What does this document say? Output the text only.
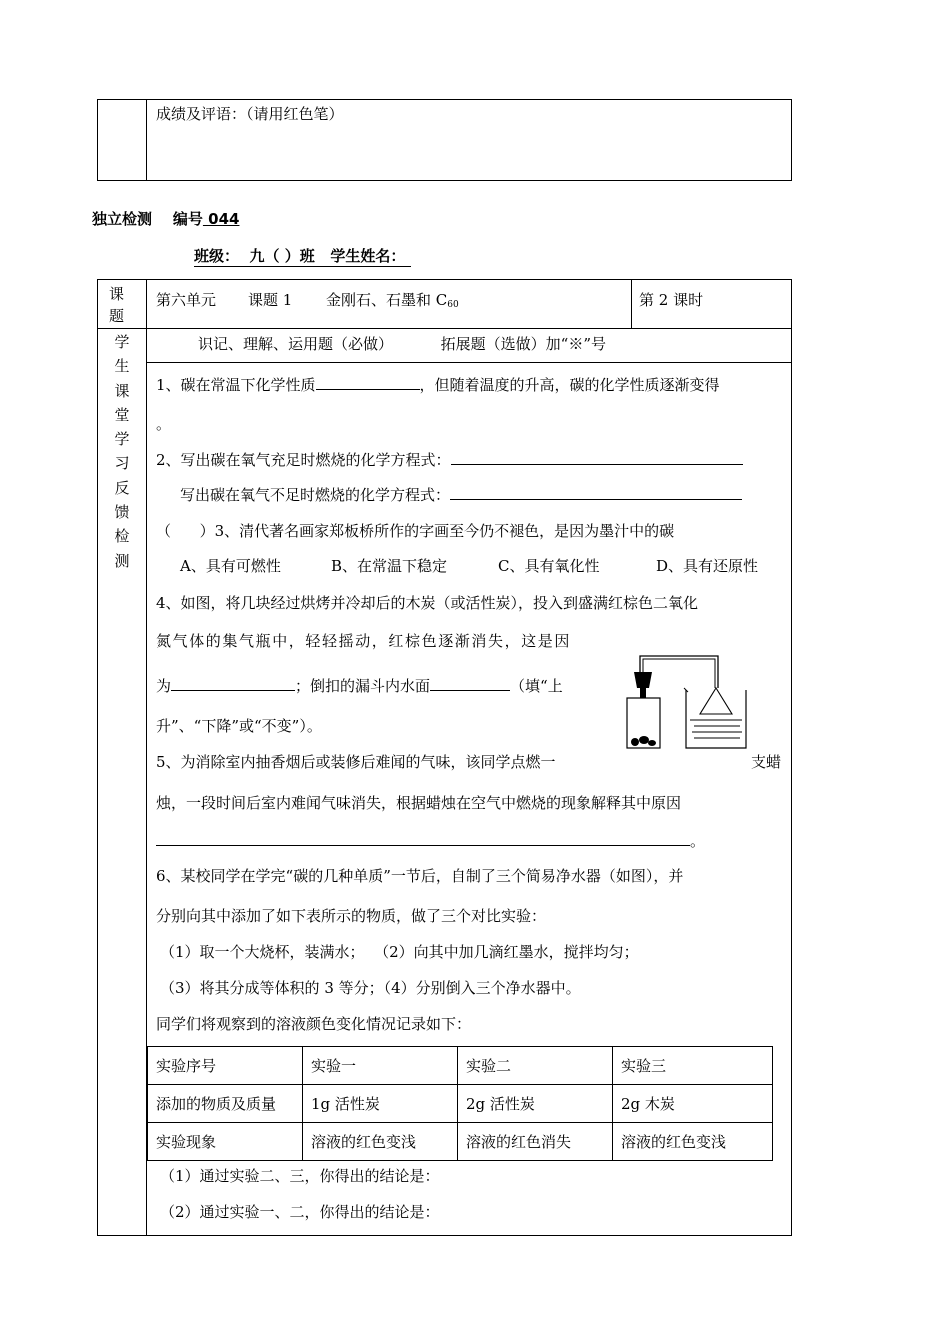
成绩及评语：（请用红色笔）
独立检测 编号 044
班级： 九（ ）班 学生姓名：
课
题
第六单元 课题 1 金刚石、石墨和 $C_{60}$	第 2 课时
学
生
课
堂
学
习
反
馈
检
测
识记、理解、运用题（必做）          拓展题（选做）加“※”号
1、碳在常温下化学性质	，但随着温度的升高，碳的化学性质逐渐变得
。
2、写出碳在氧气充足时燃烧的化学方程式：
写出碳在氧气不足时燃烧的化学方程式：
（      ）3、清代著名画家郑板桥所作的字画至今仍不褪色，是因为墨汁中的碳
A、具有可燃性	B、在常温下稳定	C、具有氧化性	D、具有还原性
4、如图，将几块经过烘烤并冷却后的木炭（或活性炭），投入到盛满红棕色二氧化
氮气体的集气瓶中，轻轻摇动，红棕色逐渐消失，这是因
为	；倒扣的漏斗内水面	（填“上
升”、“下降”或“不变”）。
5、为消除室内抽香烟后或装修后难闻的气味，该同学点燃一	支蜡
烛，一段时间后室内难闻气味消失，根据蜡烛在空气中燃烧的现象解释其中原因
。
6、某校同学在学完“碳的几种单质”一节后，自制了三个简易净水器（如图），并
分别向其中添加了如下表所示的物质，做了三个对比实验：
（1）取一个大烧杯，装满水；  （2）向其中加几滴红墨水，搅拌均匀；
（3）将其分成等体积的 3 等分；（4）分别倒入三个净水器中。
同学们将观察到的溶液颜色变化情况记录如下：
实验序号	实验一	实验二	实验三
添加的物质及质量	1g 活性炭	2g 活性炭	2g 木炭
实验现象	溶液的红色变浅	溶液的红色消失	溶液的红色变浅
（1）通过实验二、三，你得出的结论是：
（2）通过实验一、二，你得出的结论是：
